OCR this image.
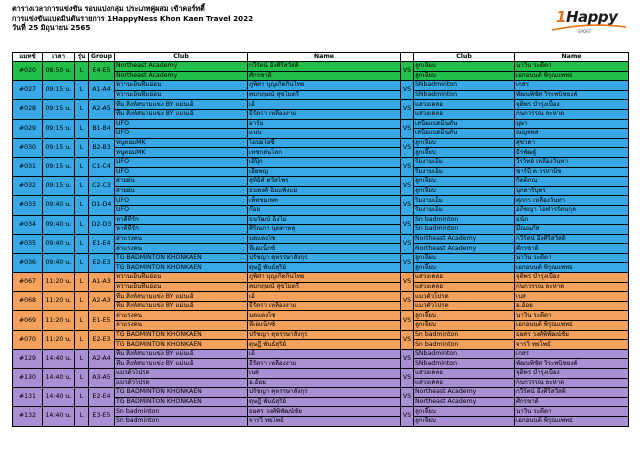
ตารางเวลาการแข่งขัน รอบแบ่งกลุ่ม ประเภทคู่ผสม เข้าคอร์ทตี้
การแข่งขันแบดมินตันรายการ 1HappyNess Khon Kaen Travel 2022
วันที่ 25 มิถุนายน 2565
1Happy
SPORT
แมทช์	เวลา	รุ่น	Group	Club	Name		Club	Name
#020	08:50 น.	L	E4-E5	Northeast Academy	กวีรัตน์ อึ้งศิริสวัสดิ์	VS	ลูกเจี๊ยบ	นาวิน ระดีดา
				Northeast Academy	ศักรชาติ		ลูกเจี๊ยบ	เอกอนนต์ พิรุณแพทธ
#027	09:15 น.	L	A1-A4	หวานเย็นทีมอ่อน	ภูพิศา บุญเกิดกินไทย	VS	SNbadminton	เกสร
				หวานเย็นทีมอ่อน	คมกฤษณ์ สุขไมตรี		SNbadminton	พัฒนพิชัศ วิระพนิชยงค์
#028	09:15 น.	L	A2-A5	ทีม สิ่งห์สนามแข่ง BY แม่นเอ้	เอ้	VS	แสวงเคลอ	จุติพร บำรุงเบื้อง
				ทีม สิ่งห์สนามแข่ง BY แม่นเอ้	ธีรัตรา เหลืองงาม		แสวงเคลอ	กนกวรรณ ละหาด
#029	09:15 น.	L	B1-B4	UFO	อาร์ม	VS	เสนียแบดมินตัน	บุษา
				UFO	แนน		เสนียแบดมินตัน	ณญจพล
#030	09:15 น.	L	B2-B3	หนูตอมMK	ไอปอไอซี	VS	ลูกเจี๊ยบ	สุขวดา
				หนูตอมMK	เทชกล่นโลก		ลูกเจี๊ยบ	ธีรพัฒฐ์
#031	09:15 น.	L	C1-C4	UFO	เฮีปุ๊ก	VS	ริมงามเอ็ม	วีรวิทย์ เหลืองวันทา
				UFO	เฮียพญ		ริมงามเอ็ม	ชาร์บี ด.วรหาบิช
#032	09:15 น.	L	C2-C3	สายฝน	สุทิธิศ์ ดวัสโพร	VS	ลูกเจี๊ยบ	กิตติกณ
				สายฝน	ธนพงศ์ ฉิมแพ้งแย		ลูกเจี๊ยบ	บุกดาริบุตร
#033	09:40 น.	L	D1-D4	UFO	เพ็ทชมเพท	VS	ริมงามเอ็ม	ศุภกร เหลืองวันทา
				UFO	ก๊อย		ริมงามเอ็ม	อภิชญา โอฬารรัตนกุล
#034	09:40 น.	L	D2-D3	หาดีที่รัก	ธนวัฒน์ ฉิงไม่	VS	Sn badminton	ธนัภ
				หาดีที่รัก	ศิริณภา นุตตาหลุ		Sn badminton	มีณณภัส
#035	09:40 น.	L	E1-E4	ล่าแรงคน	มดแดงไซ	VS	Northeast Academy	กวีรัตน์ อึ้งศิริสวัสดิ์
				ล่าแรงคน	หีเอแน็กซ์		Northeast Academy	ศักรชาติ
#036	09:40 น.	L	E2-E3	TG BADMINTON KHONKAEN	ปรัชญา คุหรรษาสังกุร	VS	ลูกเจี๊ยบ	นาวิน ระดีดา
				TG BADMINTON KHONKAEN	ดุษฎี พันธ์สุริย์		ลูกเจี๊ยบ	เอกอนนต์ พิรุณแพทธ
#067	11:20 น.	L	A1-A3	หวานเย็นทีมอ่อน	ภูพิศา บุญเกิดกินไทย	VS	แสวงเคลอ	จุติพร บำรุงเบื้อง
				หวานเย็นทีมอ่อน	คมกฤษณ์ สุขไมตรี		แสวงเคลอ	กนกวรรณ ละหาด
#068	11:20 น.	L	A2-A3	ทีม สิ่งห์สนามแข่ง BY แม่นเอ้	เอ้	VS	แมวตัวโปรด	เบส
				ทีม สิ่งห์สนามแข่ง BY แม่นเอ้	ธีรัตรา เหลืองงาม		แมวตัวโปรด	อ.อ้อย
#069	11:20 น.	L	E1-E5	ล่าแรงคน	มดแดงไซ	VS	ลูกเจี๊ยบ	นาวิน ระดีดา
				ล่าแรงคน	หีเอแน็กซ์		ลูกเจี๊ยบ	เอกอนนต์ พิรุณแพทธ
#070	11:20 น.	L	E2-E3	TG BADMINTON KHONKAEN	ปรัชญา คุหรรษาสังกุร	VS	Sn badminton	ธยศร วงศ์พิพัฒน์ชัย
				TG BADMINTON KHONKAEN	ดุษฎี พันธ์สุริย์		Sn badminton	จารวิ ทยโพธ์
#129	14:40 น.	L	A2-A4	ทีม สิ่งห์สนามแข่ง BY แม่นเอ้	เอ้	VS	SNbadminton	เกสร
				ทีม สิ่งห์สนามแข่ง BY แม่นเอ้	ธีรัตรา เหลืองงาม		SNbadminton	พัฒนพิชัศ วิระพนิชยงค์
#130	14:40 น.	L	A3-A5	แมวตัวโปรด	เบส	VS	แสวงเคลอ	จุติพร บำรุงเบื้อง
				แมวตัวโปรด	อ.อ้อย		แสวงเคลอ	กนกวรรณ ละหาด
#131	14:40 น.	L	E2-E4	TG BADMINTON KHONKAEN	ปรัชญา คุหรรษาสังกุร	VS	Northeast Academy	กวีรัตน์ อึ้งศิริสวัสดิ์
				TG BADMINTON KHONKAEN	ดุษฎี พันธ์สุริย์		Northeast Academy	ศักรชาติ
#132	14:40 น.	L	E3-E5	Sn badminton	ธยศร วงศ์พิพัฒน์ชัย	VS	ลูกเจี๊ยบ	นาวิน ระดีดา
				Sn badminton	จารวิ ทยโพธ์		ลูกเจี๊ยบ	เอกอนนต์ พิรุณแพทธ
